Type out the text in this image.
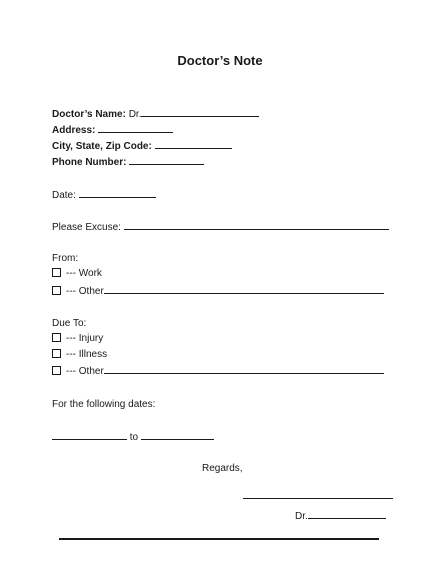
Doctor’s Note
Doctor’s Name: Dr.
Address:
City, State, Zip Code:
Phone Number:
Date:
Please Excuse:
From:
--- Work
--- Other
Due To:
--- Injury
--- Illness
--- Other
For the following dates:
to
Regards,
Dr.
